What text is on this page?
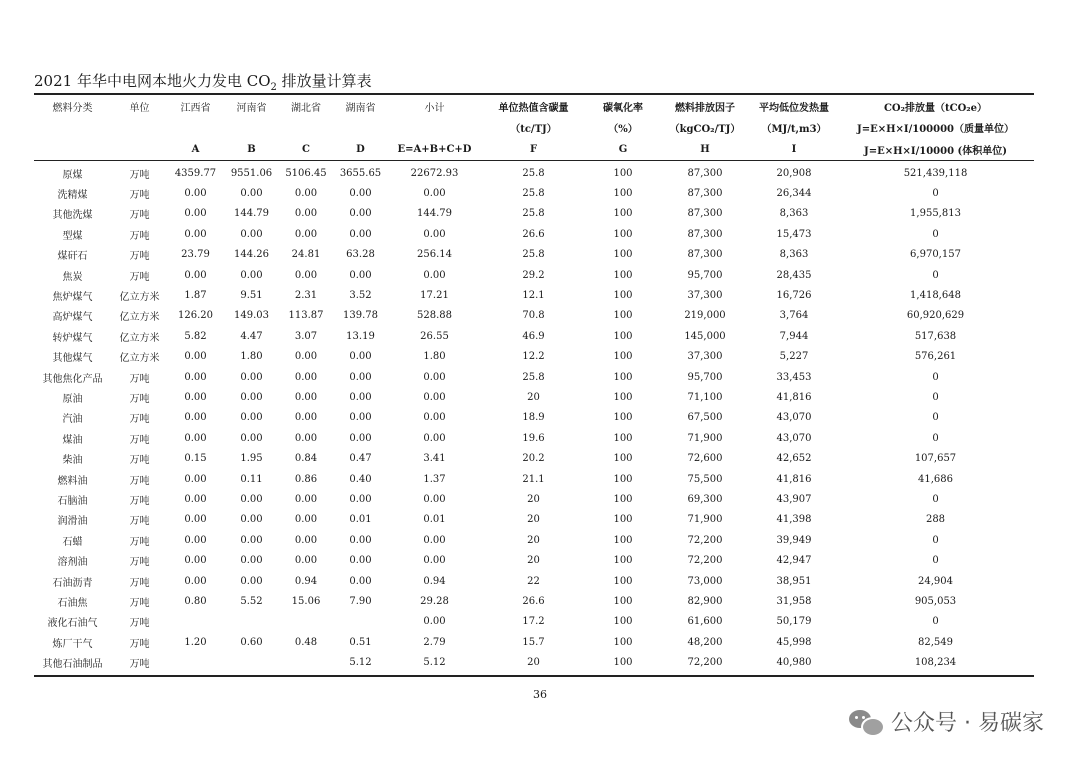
2021 年华中电网本地火力发电 $CO_2$ 排放量计算表
燃料分类	单位	江西省	河南省	湖北省	湖南省	小计	单位热值含碳量	碳氧化率	燃料排放因子	平均低位发热量	CO₂排放量（tCO₂e）
							（tc/TJ）	（%）	（kgCO₂/TJ）	（MJ/t,m3）	J=E×H×I/100000（质量单位）
		A	B	C	D	E=A+B+C+D	F	G	H	I	J=E×H×I/10000 (体积单位)
原煤	万吨	4359.77	9551.06	5106.45	3655.65	22672.93	25.8	100	87,300	20,908	521,439,118
洗精煤	万吨	0.00	0.00	0.00	0.00	0.00	25.8	100	87,300	26,344	0
其他洗煤	万吨	0.00	144.79	0.00	0.00	144.79	25.8	100	87,300	8,363	1,955,813
型煤	万吨	0.00	0.00	0.00	0.00	0.00	26.6	100	87,300	15,473	0
煤矸石	万吨	23.79	144.26	24.81	63.28	256.14	25.8	100	87,300	8,363	6,970,157
焦炭	万吨	0.00	0.00	0.00	0.00	0.00	29.2	100	95,700	28,435	0
焦炉煤气	亿立方米	1.87	9.51	2.31	3.52	17.21	12.1	100	37,300	16,726	1,418,648
高炉煤气	亿立方米	126.20	149.03	113.87	139.78	528.88	70.8	100	219,000	3,764	60,920,629
转炉煤气	亿立方米	5.82	4.47	3.07	13.19	26.55	46.9	100	145,000	7,944	517,638
其他煤气	亿立方米	0.00	1.80	0.00	0.00	1.80	12.2	100	37,300	5,227	576,261
其他焦化产品	万吨	0.00	0.00	0.00	0.00	0.00	25.8	100	95,700	33,453	0
原油	万吨	0.00	0.00	0.00	0.00	0.00	20	100	71,100	41,816	0
汽油	万吨	0.00	0.00	0.00	0.00	0.00	18.9	100	67,500	43,070	0
煤油	万吨	0.00	0.00	0.00	0.00	0.00	19.6	100	71,900	43,070	0
柴油	万吨	0.15	1.95	0.84	0.47	3.41	20.2	100	72,600	42,652	107,657
燃料油	万吨	0.00	0.11	0.86	0.40	1.37	21.1	100	75,500	41,816	41,686
石脑油	万吨	0.00	0.00	0.00	0.00	0.00	20	100	69,300	43,907	0
润滑油	万吨	0.00	0.00	0.00	0.01	0.01	20	100	71,900	41,398	288
石蜡	万吨	0.00	0.00	0.00	0.00	0.00	20	100	72,200	39,949	0
溶剂油	万吨	0.00	0.00	0.00	0.00	0.00	20	100	72,200	42,947	0
石油沥青	万吨	0.00	0.00	0.94	0.00	0.94	22	100	73,000	38,951	24,904
石油焦	万吨	0.80	5.52	15.06	7.90	29.28	26.6	100	82,900	31,958	905,053
液化石油气	万吨					0.00	17.2	100	61,600	50,179	0
炼厂干气	万吨	1.20	0.60	0.48	0.51	2.79	15.7	100	48,200	45,998	82,549
其他石油制品	万吨				5.12	5.12	20	100	72,200	40,980	108,234
36
公众号 · 易碳家
